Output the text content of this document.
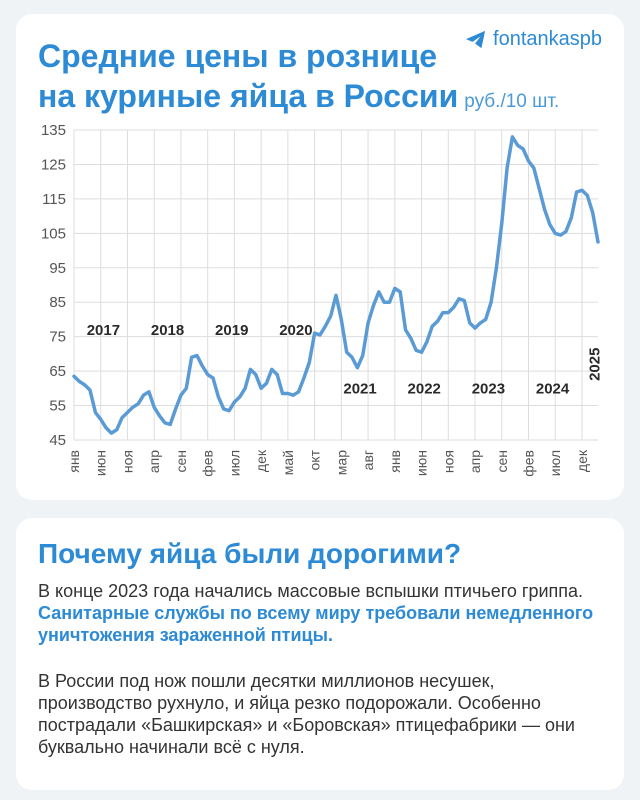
Средние цены в рознице
на куриные яйца в России руб./10 шт.
fontankaspb
45
55
65
75
85
95
105
115
125
135
янв июн ноя апр сен фев июл дек май окт мар авг янв июн ноя апр сен фев июл дек
2017 2018 2019 2020
2021 2022 2023 2024
2025
Почему яйца были дорогими?

В конце 2023 года начались массовые вспышки птичьего гриппа. Санитарные службы по всему миру требовали немедленного уничтожения зараженной птицы.

В России под нож пошли десятки миллионов несушек, производство рухнуло, и яйца резко подорожали. Особенно пострадали «Башкирская» и «Боровская» птицефабрики — они буквально начинали всё с нуля.
